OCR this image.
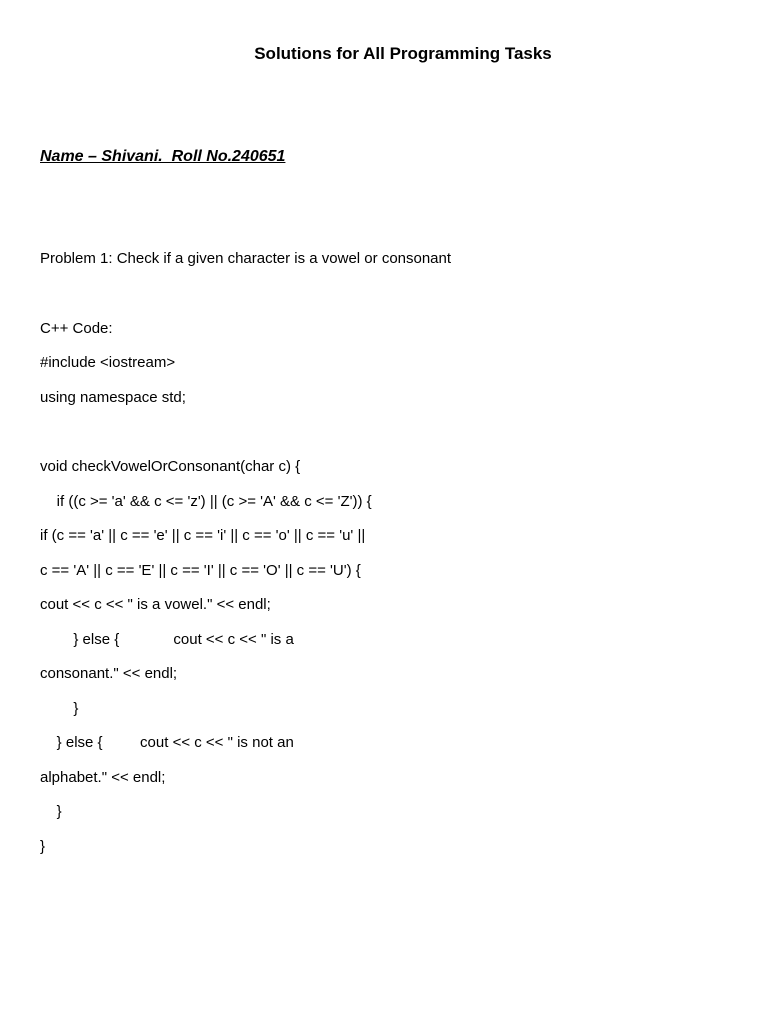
Solutions for All Programming Tasks
Name – Shivani.  Roll No.240651
Problem 1: Check if a given character is a vowel or consonant
C++ Code:
#include <iostream>
using namespace std;
void checkVowelOrConsonant(char c) {
if ((c >= 'a' && c <= 'z') || (c >= 'A' && c <= 'Z')) {
if (c == 'a' || c == 'e' || c == 'i' || c == 'o' || c == 'u' ||
c == 'A' || c == 'E' || c == 'I' || c == 'O' || c == 'U') {
cout << c << " is a vowel." << endl;
} else {             cout << c << " is a
consonant." << endl;
}
} else {         cout << c << " is not an
alphabet." << endl;
}
}
